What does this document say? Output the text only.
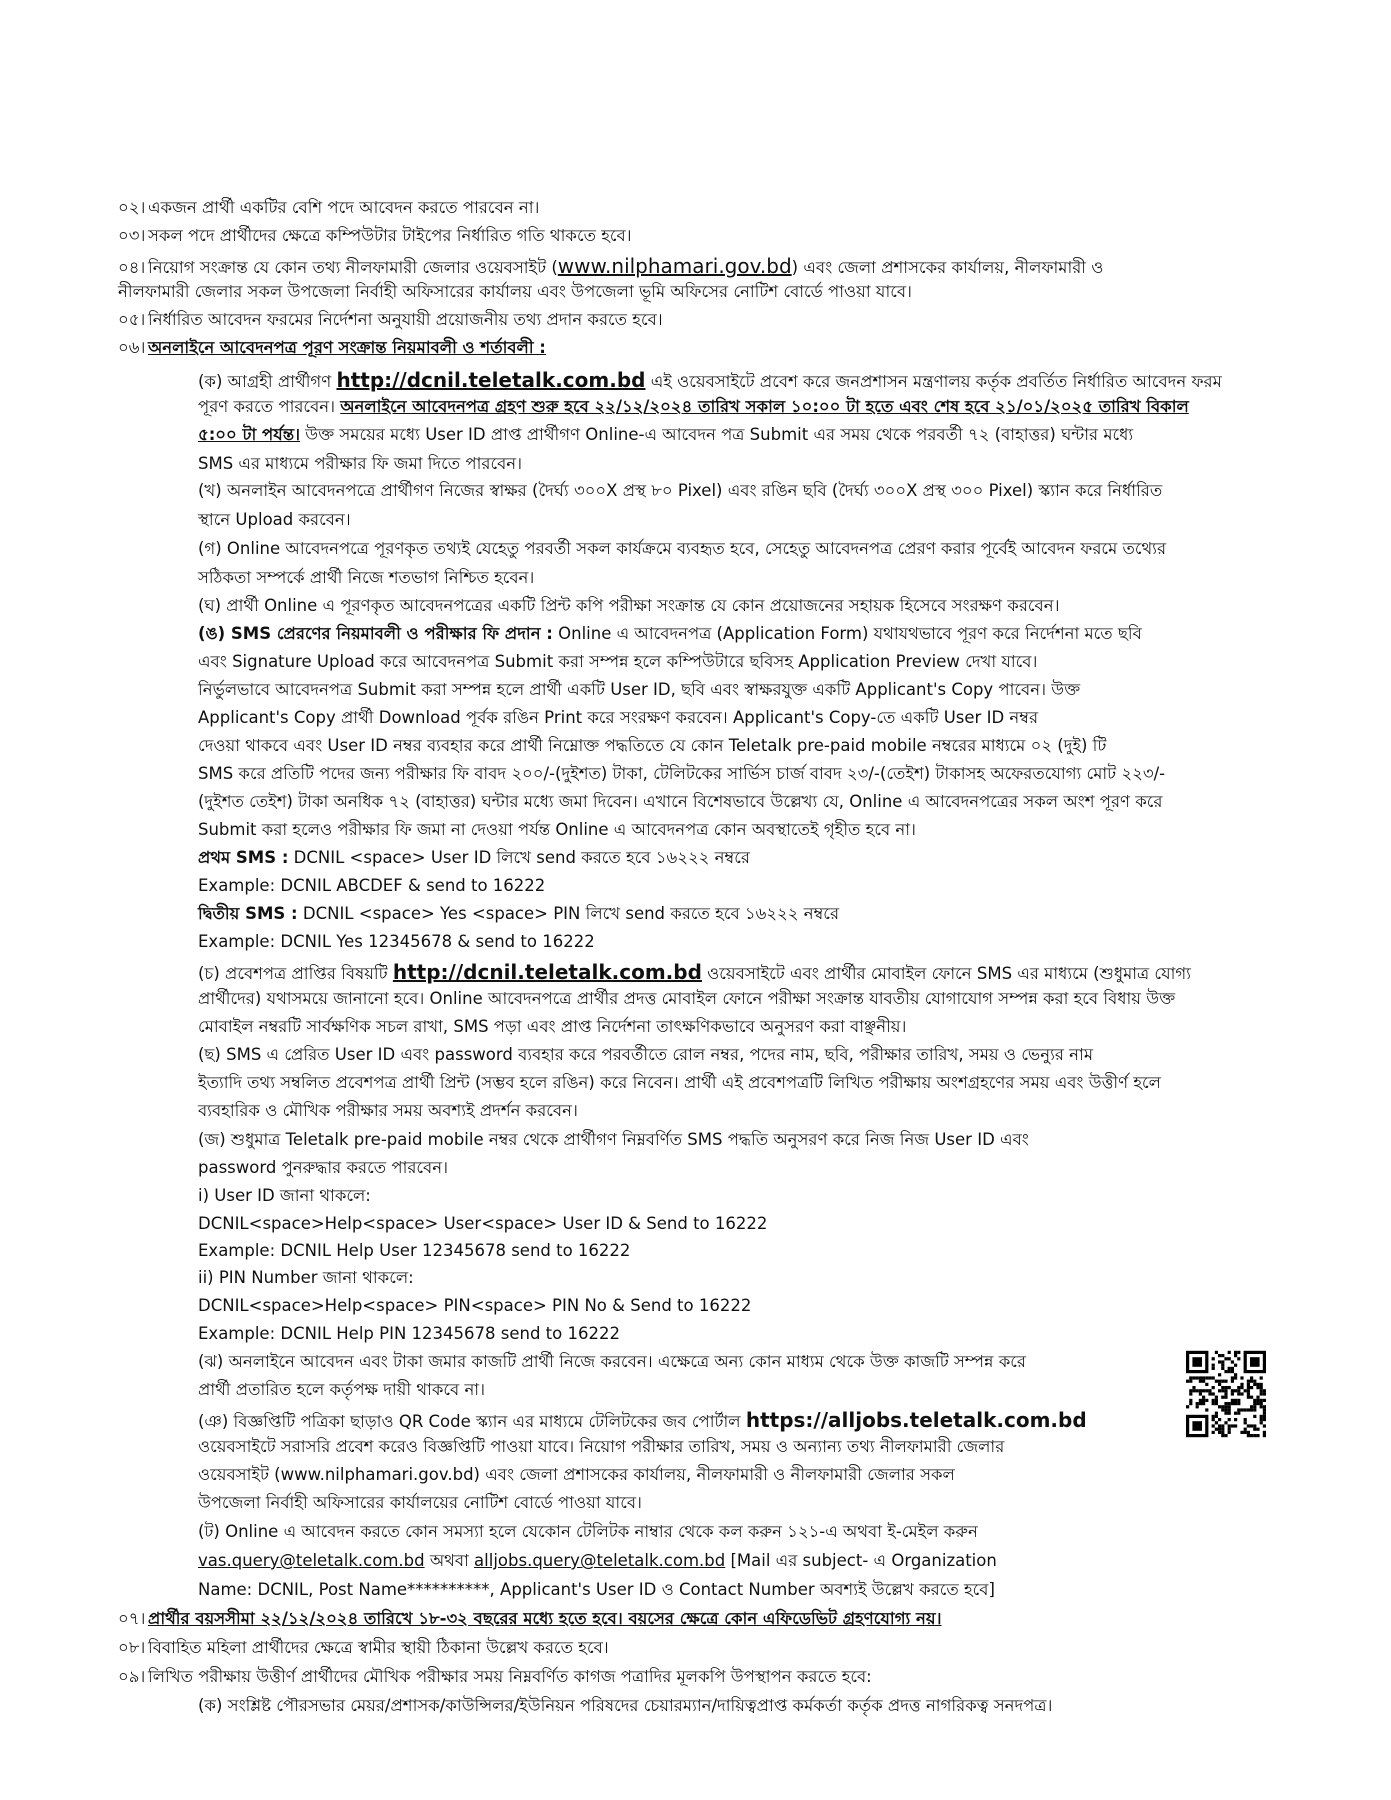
০২। একজন প্রার্থী একটির বেশি পদে আবেদন করতে পারবেন না।
০৩। সকল পদে প্রার্থীদের ক্ষেত্রে কম্পিউটার টাইপের নির্ধারিত গতি থাকতে হবে।
০৪। নিয়োগ সংক্রান্ত যে কোন তথ্য নীলফামারী জেলার ওয়েবসাইট (www.nilphamari.gov.bd) এবং জেলা প্রশাসকের কার্যালয়, নীলফামারী ও
নীলফামারী জেলার সকল উপজেলা নির্বাহী অফিসারের কার্যালয় এবং উপজেলা ভূমি অফিসের নোটিশ বোর্ডে পাওয়া যাবে।
০৫। নির্ধারিত আবেদন ফরমের নির্দেশনা অনুযায়ী প্রয়োজনীয় তথ্য প্রদান করতে হবে।
০৬। অনলাইনে আবেদনপত্র পূরণ সংক্রান্ত নিয়মাবলী ও শর্তাবলী :
(ক) আগ্রহী প্রার্থীগণ http://dcnil.teletalk.com.bd এই ওয়েবসাইটে প্রবেশ করে জনপ্রশাসন মন্ত্রণালয় কর্তৃক প্রবর্তিত নির্ধারিত আবেদন ফরম
পূরণ করতে পারবেন। অনলাইনে আবেদনপত্র গ্রহণ শুরু হবে ২২/১২/২০২৪ তারিখ সকাল ১০:০০ টা হতে এবং শেষ হবে ২১/০১/২০২৫ তারিখ বিকাল
৫:০০ টা পর্যন্ত। উক্ত সময়ের মধ্যে User ID প্রাপ্ত প্রার্থীগণ Online-এ আবেদন পত্র Submit এর সময় থেকে পরবর্তী ৭২ (বাহাত্তর) ঘন্টার মধ্যে
SMS এর মাধ্যমে পরীক্ষার ফি জমা দিতে পারবেন।
(খ) অনলাইন আবেদনপত্রে প্রার্থীগণ নিজের স্বাক্ষর (দৈর্ঘ্য ৩০০X প্রস্থ ৮০ Pixel) এবং রঙিন ছবি (দৈর্ঘ্য ৩০০X প্রস্থ ৩০০ Pixel) স্ক্যান করে নির্ধারিত
স্থানে Upload করবেন।
(গ) Online আবেদনপত্রে পূরণকৃত তথ্যই যেহেতু পরবর্তী সকল কার্যক্রমে ব্যবহৃত হবে, সেহেতু আবেদনপত্র প্রেরণ করার পূর্বেই আবেদন ফরমে তথ্যের
সঠিকতা সম্পর্কে প্রার্থী নিজে শতভাগ নিশ্চিত হবেন।
(ঘ) প্রার্থী Online এ পূরণকৃত আবেদনপত্রের একটি প্রিন্ট কপি পরীক্ষা সংক্রান্ত যে কোন প্রয়োজনের সহায়ক হিসেবে সংরক্ষণ করবেন।
(ঙ) SMS প্রেরণের নিয়মাবলী ও পরীক্ষার ফি প্রদান : Online এ আবেদনপত্র (Application Form) যথাযথভাবে পূরণ করে নির্দেশনা মতে ছবি
এবং Signature Upload করে আবেদনপত্র Submit করা সম্পন্ন হলে কম্পিউটারে ছবিসহ Application Preview দেখা যাবে।
নির্ভুলভাবে আবেদনপত্র Submit করা সম্পন্ন হলে প্রার্থী একটি User ID, ছবি এবং স্বাক্ষরযুক্ত একটি Applicant's Copy পাবেন। উক্ত
Applicant's Copy প্রার্থী Download পূর্বক রঙিন Print করে সংরক্ষণ করবেন। Applicant's Copy-তে একটি User ID নম্বর
দেওয়া থাকবে এবং User ID নম্বর ব্যবহার করে প্রার্থী নিম্নোক্ত পদ্ধতিতে যে কোন Teletalk pre-paid mobile নম্বরের মাধ্যমে ০২ (দুই) টি
SMS করে প্রতিটি পদের জন্য পরীক্ষার ফি বাবদ ২০০/-(দুইশত) টাকা, টেলিটকের সার্ভিস চার্জ বাবদ ২৩/-(তেইশ) টাকাসহ অফেরতযোগ্য মোট ২২৩/-
(দুইশত তেইশ) টাকা অনধিক ৭২ (বাহাত্তর) ঘন্টার মধ্যে জমা দিবেন। এখানে বিশেষভাবে উল্লেখ্য যে, Online এ আবেদনপত্রের সকল অংশ পূরণ করে
Submit করা হলেও পরীক্ষার ফি জমা না দেওয়া পর্যন্ত Online এ আবেদনপত্র কোন অবস্থাতেই গৃহীত হবে না।
প্রথম SMS : DCNIL <space> User ID লিখে send করতে হবে ১৬২২২ নম্বরে
Example: DCNIL ABCDEF & send to 16222
দ্বিতীয় SMS : DCNIL <space> Yes <space> PIN লিখে send করতে হবে ১৬২২২ নম্বরে
Example: DCNIL Yes 12345678 & send to 16222
(চ) প্রবেশপত্র প্রাপ্তির বিষয়টি http://dcnil.teletalk.com.bd ওয়েবসাইটে এবং প্রার্থীর মোবাইল ফোনে SMS এর মাধ্যমে (শুধুমাত্র যোগ্য
প্রার্থীদের) যথাসময়ে জানানো হবে। Online আবেদনপত্রে প্রার্থীর প্রদত্ত মোবাইল ফোনে পরীক্ষা সংক্রান্ত যাবতীয় যোগাযোগ সম্পন্ন করা হবে বিধায় উক্ত
মোবাইল নম্বরটি সার্বক্ষণিক সচল রাখা, SMS পড়া এবং প্রাপ্ত নির্দেশনা তাৎক্ষণিকভাবে অনুসরণ করা বাঞ্ছনীয়।
(ছ) SMS এ প্রেরিত User ID এবং password ব্যবহার করে পরবর্তীতে রোল নম্বর, পদের নাম, ছবি, পরীক্ষার তারিখ, সময় ও ভেন্যুর নাম
ইত্যাদি তথ্য সম্বলিত প্রবেশপত্র প্রার্থী প্রিন্ট (সম্ভব হলে রঙিন) করে নিবেন। প্রার্থী এই প্রবেশপত্রটি লিখিত পরীক্ষায় অংশগ্রহণের সময় এবং উত্তীর্ণ হলে
ব্যবহারিক ও মৌখিক পরীক্ষার সময় অবশ্যই প্রদর্শন করবেন।
(জ) শুধুমাত্র Teletalk pre-paid mobile নম্বর থেকে প্রার্থীগণ নিম্নবর্ণিত SMS পদ্ধতি অনুসরণ করে নিজ নিজ User ID এবং
password পুনরুদ্ধার করতে পারবেন।
i) User ID জানা থাকলে:
DCNIL<space>Help<space> User<space> User ID & Send to 16222
Example: DCNIL Help User 12345678 send to 16222
ii) PIN Number জানা থাকলে:
DCNIL<space>Help<space> PIN<space> PIN No & Send to 16222
Example: DCNIL Help PIN 12345678 send to 16222
(ঝ) অনলাইনে আবেদন এবং টাকা জমার কাজটি প্রার্থী নিজে করবেন। এক্ষেত্রে অন্য কোন মাধ্যম থেকে উক্ত কাজটি সম্পন্ন করে
প্রার্থী প্রতারিত হলে কর্তৃপক্ষ দায়ী থাকবে না।
(ঞ) বিজ্ঞপ্তিটি পত্রিকা ছাড়াও QR Code স্ক্যান এর মাধ্যমে টেলিটকের জব পোর্টাল https://alljobs.teletalk.com.bd
ওয়েবসাইটে সরাসরি প্রবেশ করেও বিজ্ঞপ্তিটি পাওয়া যাবে। নিয়োগ পরীক্ষার তারিখ, সময় ও অন্যান্য তথ্য নীলফামারী জেলার
ওয়েবসাইট (www.nilphamari.gov.bd) এবং জেলা প্রশাসকের কার্যালয়, নীলফামারী ও নীলফামারী জেলার সকল
উপজেলা নির্বাহী অফিসারের কার্যালয়ের নোটিশ বোর্ডে পাওয়া যাবে।
(ট) Online এ আবেদন করতে কোন সমস্যা হলে যেকোন টেলিটক নাম্বার থেকে কল করুন ১২১-এ অথবা ই-মেইল করুন
vas.query@teletalk.com.bd অথবা alljobs.query@teletalk.com.bd [Mail এর subject- এ Organization
Name: DCNIL, Post Name**********, Applicant's User ID ও Contact Number অবশ্যই উল্লেখ করতে হবে]
০৭। প্রার্থীর বয়সসীমা ২২/১২/২০২৪ তারিখে ১৮-৩২ বছরের মধ্যে হতে হবে। বয়সের ক্ষেত্রে কোন এফিডেভিট গ্রহণযোগ্য নয়।
০৮। বিবাহিত মহিলা প্রার্থীদের ক্ষেত্রে স্বামীর স্থায়ী ঠিকানা উল্লেখ করতে হবে।
০৯। লিখিত পরীক্ষায় উত্তীর্ণ প্রার্থীদের মৌখিক পরীক্ষার সময় নিম্নবর্ণিত কাগজ পত্রাদির মূলকপি উপস্থাপন করতে হবে:
(ক) সংশ্লিষ্ট পৌরসভার মেয়র/প্রশাসক/কাউন্সিলর/ইউনিয়ন পরিষদের চেয়ারম্যান/দায়িত্বপ্রাপ্ত কর্মকর্তা কর্তৃক প্রদত্ত নাগরিকত্ব সনদপত্র।
